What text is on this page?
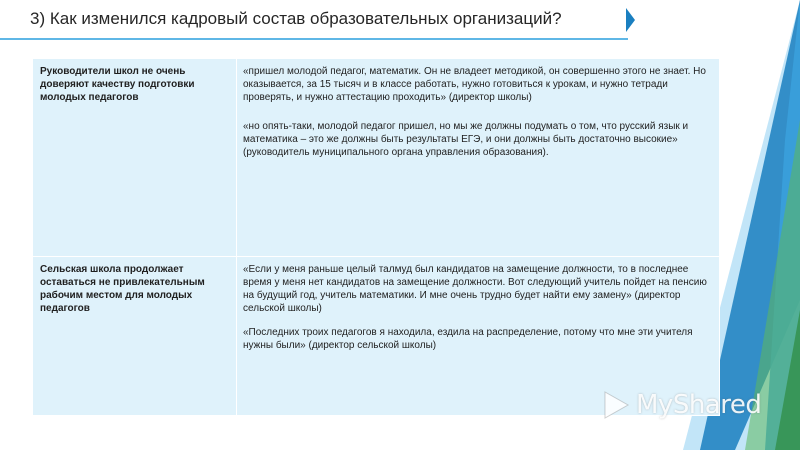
3) Как изменился кадровый состав образовательных организаций?
Руководители школ не очень доверяют качеству подготовки молодых педагогов	«пришел молодой педагог, математик. Он не владеет методикой, он совершенно этого не знает. Но оказывается, за 15 тысяч и в классе работать, нужно готовиться к урокам, и нужно тетради проверять, и нужно аттестацию проходить» (директор школы)

«но опять-таки, молодой педагог пришел, но мы же должны подумать о том, что русский язык и математика – это же должны быть результаты ЕГЭ, и они должны быть достаточно высокие» (руководитель муниципального органа управления образования).

Сельская школа продолжает оставаться не привлекательным рабочим местом для молодых педагогов	«Если у меня раньше целый талмуд был кандидатов на замещение должности, то в последнее время у меня нет кандидатов на замещение должности. Вот следующий учитель пойдет на пенсию на будущий год, учитель математики. И мне очень трудно будет найти ему замену» (директор сельской школы)

«Последних троих педагогов я находила, ездила на распределение, потому что мне эти учителя нужны были» (директор сельской школы)

MyShared
